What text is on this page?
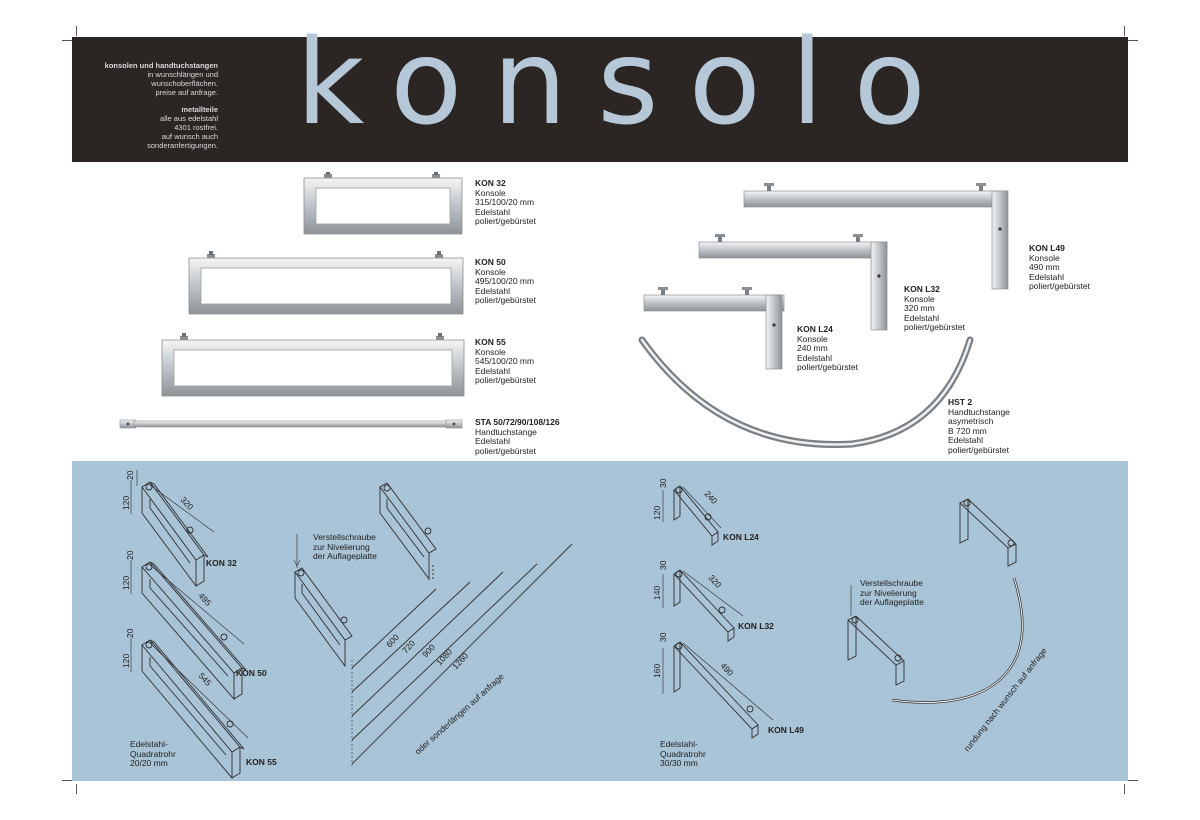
konsolen und handtuchstangen
in wunschlängen und
wunschoberflächen.
preise auf anfrage.

metallteile
alle aus edelstahl
4301 rostfrei.
auf wunsch auch
sonderanfertigungen. konsolo
KON 32
Konsole
315/100/20 mm
Edelstahl
poliert/gebürstet
KON 50
Konsole
495/100/20 mm
Edelstahl
poliert/gebürstet
KON 55
Konsole
545/100/20 mm
Edelstahl
poliert/gebürstet
STA 50/72/90/108/126
Handtuchstange
Edelstahl
poliert/gebürstet
KON L49
Konsole
490 mm
Edelstahl
poliert/gebürstet
KON L32
Konsole
320 mm
Edelstahl
poliert/gebürstet
KON L24
Konsole
240 mm
Edelstahl
poliert/gebürstet
HST 2
Handtuchstange
asymetrisch
B 720 mm
Edelstahl
poliert/gebürstet
20
120	320
KON 32
20
120
495
KON 50
20
120
545
KON 55
600 720 900
1080
1260
oder sonderlängen auf anfrage
30
120
240
KON L24
30
140
320
KON L32
30
160	490
KON L49	rundung nach wunsch auf anfrage
Verstellschraube
zur Nivelierung
der Auflageplatte
Verstellschraube
zur Nivelierung
der Auflageplatte
Edelstahl-
Quadratrohr
20/20 mm
Edelstahl-
Quadratrohr
30/30 mm
